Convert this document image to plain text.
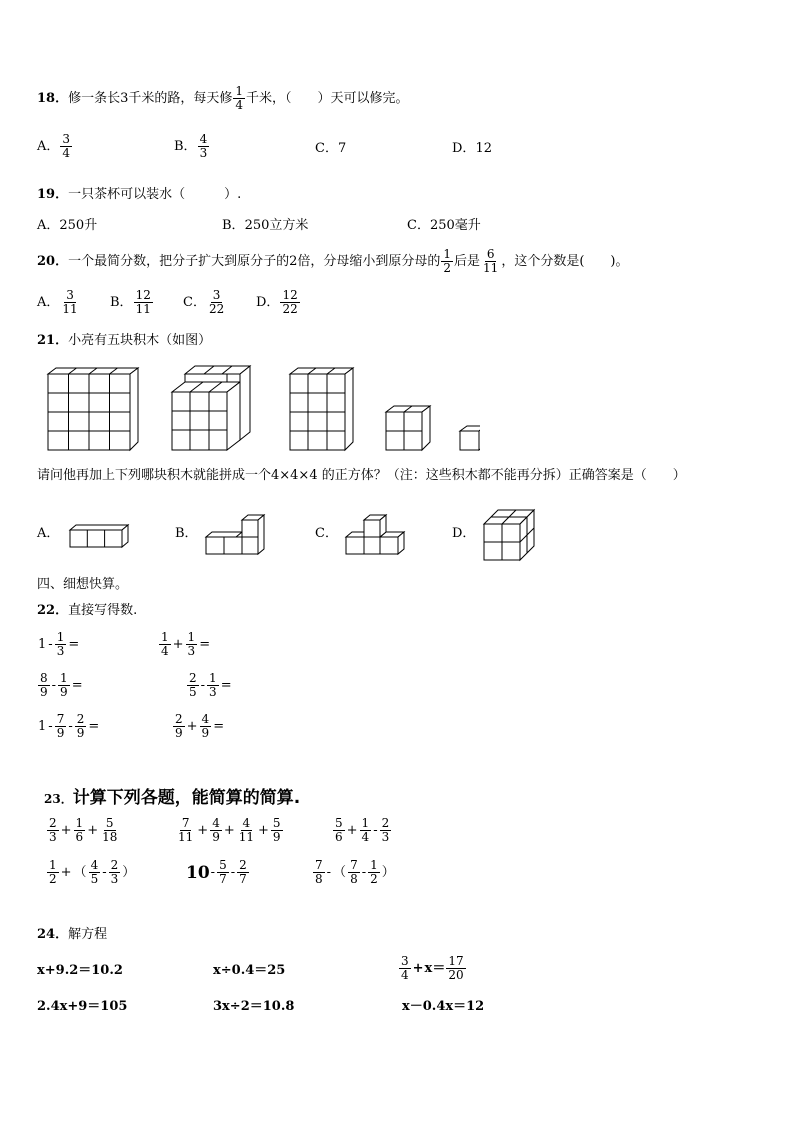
18． 修一条长3千米的路，每天修 $\frac{1}{4}$ 千米，（　　）天可以修完。
A． $\frac{3}{4}$	B． $\frac{4}{3}$	C．7	D．12
19．一只茶杯可以装水（　　　）.
A．250升	B．250立方米	C．250毫升
20． 一个最简分数，把分子扩大到原分子的2倍，分母缩小到原分母的 $\frac{1}{2}$ 后是 $\frac{6}{11}$ ，这个分数是(　　)。
A． $\frac{3}{11}$ B． $\frac{12}{11}$ C． $\frac{3}{22}$ D． $\frac{12}{22}$
21．小亮有五块积木（如图）
请问他再加上下列哪块积木就能拼成一个4×4×4 的正方体？（注：这些积木都不能再分拆）正确答案是（　　）
A．	B．	C．	D．
四、细想快算。
22．直接写得数.
$1 - \frac{1}{3}$ =	$\frac{1}{4} + \frac{1}{3}$ =
$\frac{8}{9} - \frac{1}{9}$ =	$\frac{2}{5} - \frac{1}{3}$ =
$1 - \frac{7}{9} - \frac{2}{9}$ =	$\frac{2}{9} + \frac{4}{9}$ =
23．计算下列各题，能简算的简算.
$\frac{2}{3} + \frac{1}{6} + \frac{5}{18}$	$\frac{7}{11} + \frac{4}{9} + \frac{4}{11} + \frac{5}{9}$	$\frac{5}{6} + \frac{1}{4} - \frac{2}{3}$
$\frac{1}{2}$ + （ $\frac{4}{5} - \frac{2}{3}$ ）	$10 - \frac{5}{7} - \frac{2}{7}$	$\frac{7}{8}$ - （ $\frac{7}{8} - \frac{1}{2}$ ）
24．解方程
x+9.2＝10.2	x÷0.4＝25	$\frac{3}{4} + x = \frac{17}{20}$
2.4x+9＝105	3x÷2＝10.8	x－0.4x＝12
